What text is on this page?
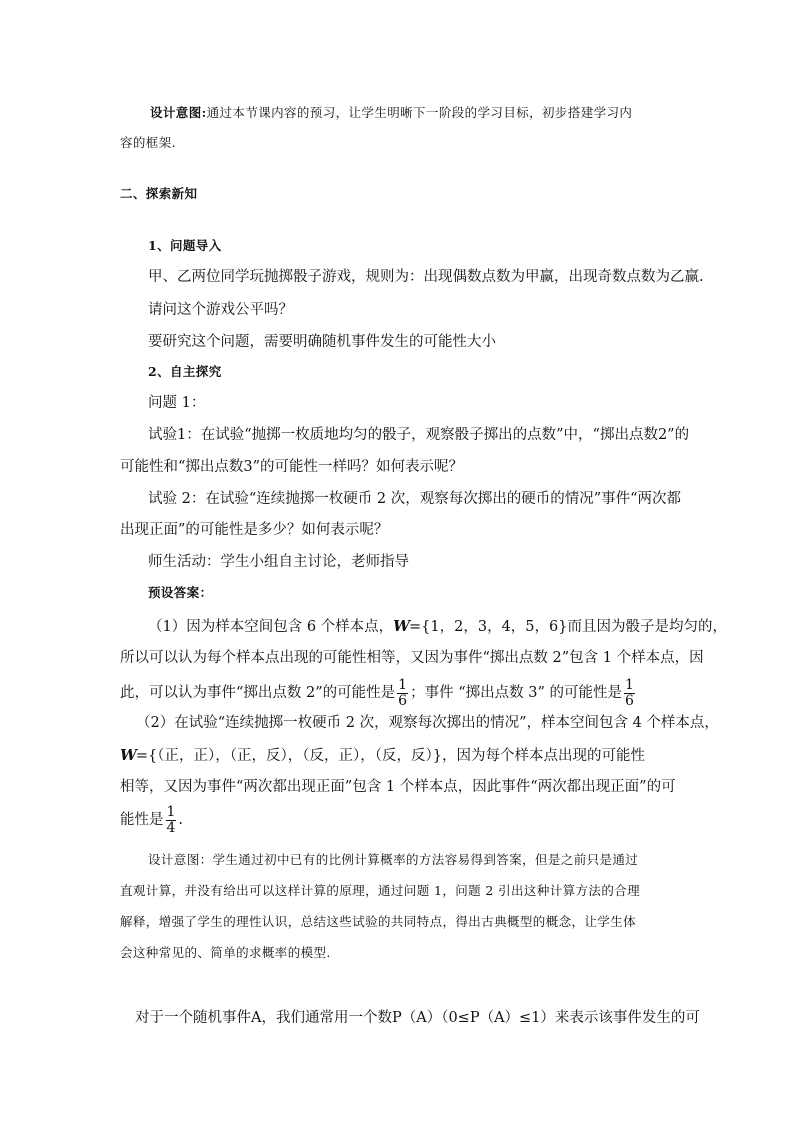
设计意图:通过本节课内容的预习，让学生明晰下一阶段的学习目标，初步搭建学习内
容的框架.
二、探索新知
1、问题导入
甲、乙两位同学玩抛掷骰子游戏，规则为：出现偶数点数为甲赢，出现奇数点数为乙赢.
请问这个游戏公平吗？
要研究这个问题，需要明确随机事件发生的可能性大小
2、自主探究
问题 1：
试验1：在试验“抛掷一枚质地均匀的骰子，观察骰子掷出的点数”中，“掷出点数2”的
可能性和“掷出点数3”的可能性一样吗？如何表示呢？
试验 2：在试验“连续抛掷一枚硬币 2 次，观察每次掷出的硬币的情况”事件“两次都
出现正面”的可能性是多少？如何表示呢？
师生活动：学生小组自主讨论，老师指导
预设答案：
（1）因为样本空间包含 6 个样本点，W={1，2，3，4，5，6}而且因为骰子是均匀的，
所以可以认为每个样本点出现的可能性相等，又因为事件“掷出点数 2”包含 1 个样本点，因
此，可以认为事件“掷出点数 2”的可能性是 $\frac{1}{6}$ ；事件 “掷出点数 3” 的可能性是 $\frac{1}{6}$
（2）在试验“连续抛掷一枚硬币 2 次，观察每次掷出的情况”，样本空间包含 4 个样本点，
W={（正，正），（正，反），（反，正），（反，反）}，因为每个样本点出现的可能性
相等，又因为事件“两次都出现正面”包含 1 个样本点，因此事件“两次都出现正面”的可
能性是 $\frac{1}{4}$ .
设计意图：学生通过初中已有的比例计算概率的方法容易得到答案，但是之前只是通过
直观计算，并没有给出可以这样计算的原理，通过问题 1，问题 2 引出这种计算方法的合理
解释，增强了学生的理性认识，总结这些试验的共同特点，得出古典概型的概念，让学生体
会这种常见的、简单的求概率的模型.
对于一个随机事件A，我们通常用一个数P（A）（0≤P（A）≤1）来表示该事件发生的可
